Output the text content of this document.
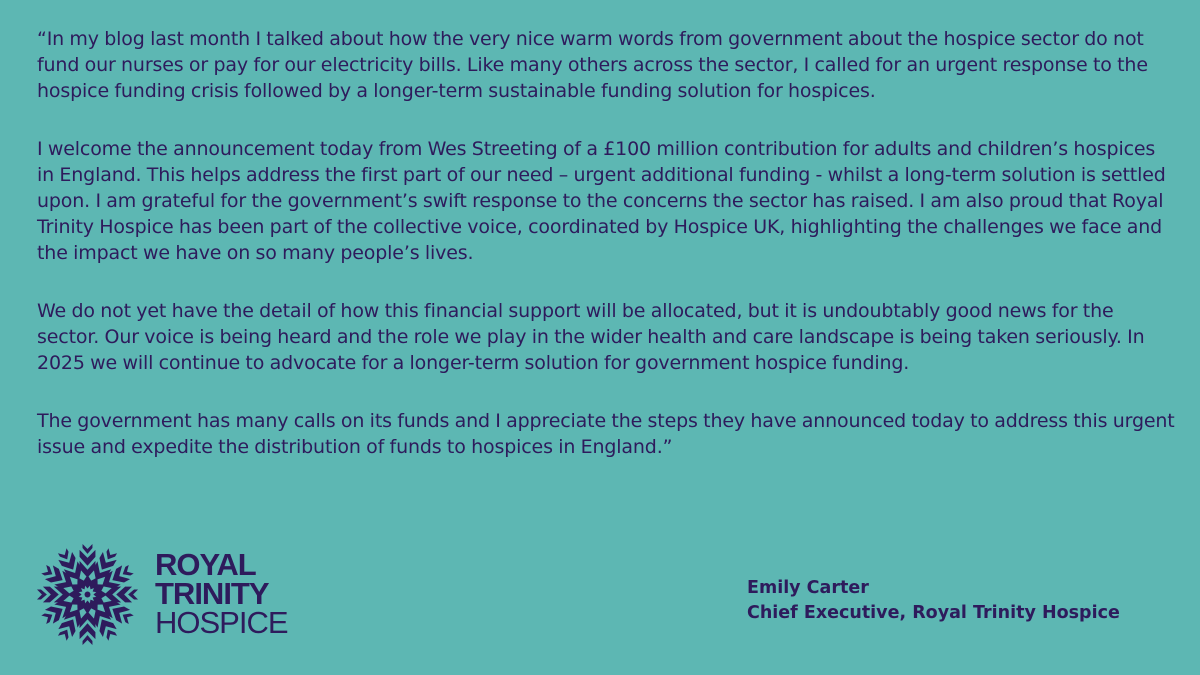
“In my blog last month I talked about how the very nice warm words from government about the hospice sector do not fund our nurses or pay for our electricity bills. Like many others across the sector, I called for an urgent response to the hospice funding crisis followed by a longer-term sustainable funding solution for hospices.

I welcome the announcement today from Wes Streeting of a £100 million contribution for adults and children’s hospices in England. This helps address the first part of our need – urgent additional funding - whilst a long-term solution is settled upon. I am grateful for the government’s swift response to the concerns the sector has raised. I am also proud that Royal Trinity Hospice has been part of the collective voice, coordinated by Hospice UK, highlighting the challenges we face and the impact we have on so many people’s lives.

We do not yet have the detail of how this financial support will be allocated, but it is undoubtably good news for the sector. Our voice is being heard and the role we play in the wider health and care landscape is being taken seriously. In 2025 we will continue to advocate for a longer-term solution for government hospice funding.

The government has many calls on its funds and I appreciate the steps they have announced today to address this urgent issue and expedite the distribution of funds to hospices in England.”

ROYAL
TRINITY
HOSPICE
Emily Carter
Chief Executive, Royal Trinity Hospice
